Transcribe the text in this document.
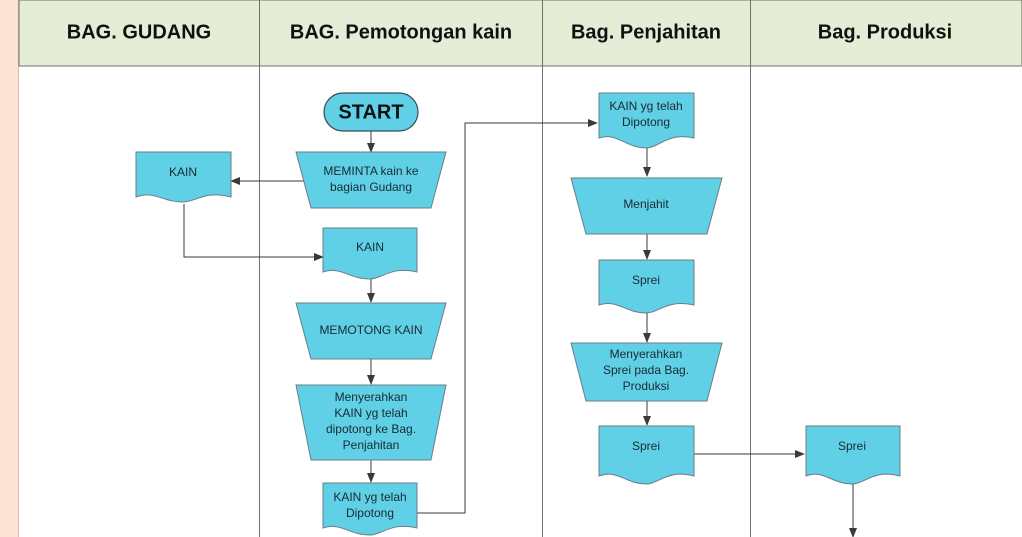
BAG. GUDANG	BAG. Pemotongan kain	Bag. Penjahitan	Bag. Produksi
START
MEMINTA kain ke
bagian Gudang
KAIN
KAIN
MEMOTONG KAIN
Menyerahkan
KAIN yg telah
dipotong ke Bag.
Penjahitan
KAIN yg telah
Dipotong
KAIN yg telah
Dipotong
Menjahit
Sprei
Menyerahkan
Sprei pada Bag.
Produksi
Sprei	Sprei
